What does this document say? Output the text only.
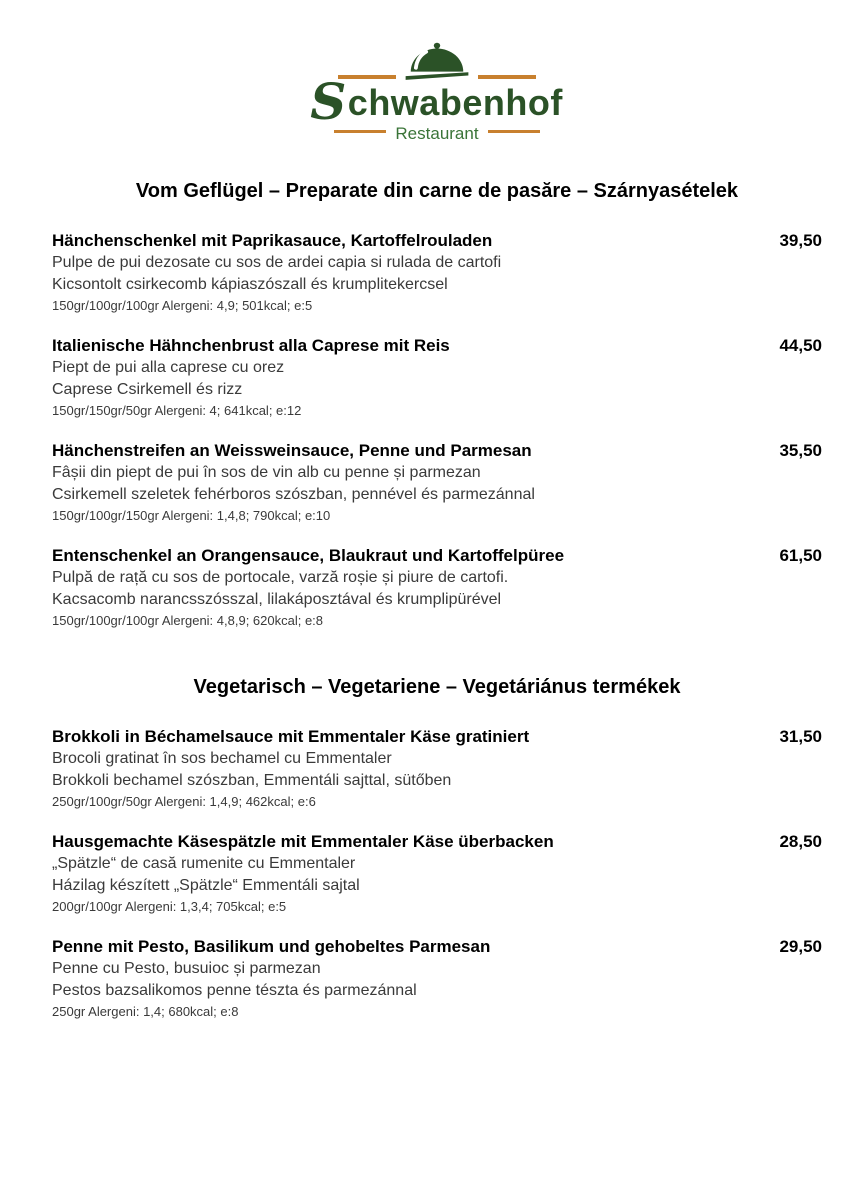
Schwabenhof
Restaurant
Vom Geflügel – Preparate din carne de pasăre – Szárnyasételek
Hänchenschenkel mit Paprikasauce, Kartoffelrouladen	39,50
Pulpe de pui dezosate cu sos de ardei capia si rulada de cartofi
Kicsontolt csirkecomb kápiaszószall és krumplitekercsel
150gr/100gr/100gr Alergeni: 4,9; 501kcal; e:5
Italienische Hähnchenbrust alla Caprese mit Reis	44,50
Piept de pui alla caprese cu orez
Caprese Csirkemell és rizz
150gr/150gr/50gr Alergeni: 4; 641kcal; e:12
Hänchenstreifen an Weissweinsauce, Penne und Parmesan	35,50
Fâșii din piept de pui în sos de vin alb cu penne și parmezan
Csirkemell szeletek fehérboros szószban, pennével és parmezánnal
150gr/100gr/150gr Alergeni: 1,4,8; 790kcal; e:10
Entenschenkel an Orangensauce, Blaukraut und Kartoffelpüree	61,50
Pulpă de rață cu sos de portocale, varză roșie și piure de cartofi.
Kacsacomb narancsszósszal, lilakáposztával és krumplipürével
150gr/100gr/100gr Alergeni: 4,8,9; 620kcal; e:8
Vegetarisch – Vegetariene – Vegetáriánus termékek
Brokkoli in Béchamelsauce mit Emmentaler Käse gratiniert	31,50
Brocoli gratinat în sos bechamel cu Emmentaler
Brokkoli bechamel szószban, Emmentáli sajttal, sütőben
250gr/100gr/50gr Alergeni: 1,4,9; 462kcal; e:6
Hausgemachte Käsespätzle mit Emmentaler Käse überbacken	28,50
„Spätzle“ de casă rumenite cu Emmentaler
Házilag készített „Spätzle“ Emmentáli sajtal
200gr/100gr Alergeni: 1,3,4; 705kcal; e:5
Penne mit Pesto, Basilikum und gehobeltes Parmesan	29,50
Penne cu Pesto, busuioc și parmezan
Pestos bazsalikomos penne tészta és parmezánnal
250gr Alergeni: 1,4; 680kcal; e:8
